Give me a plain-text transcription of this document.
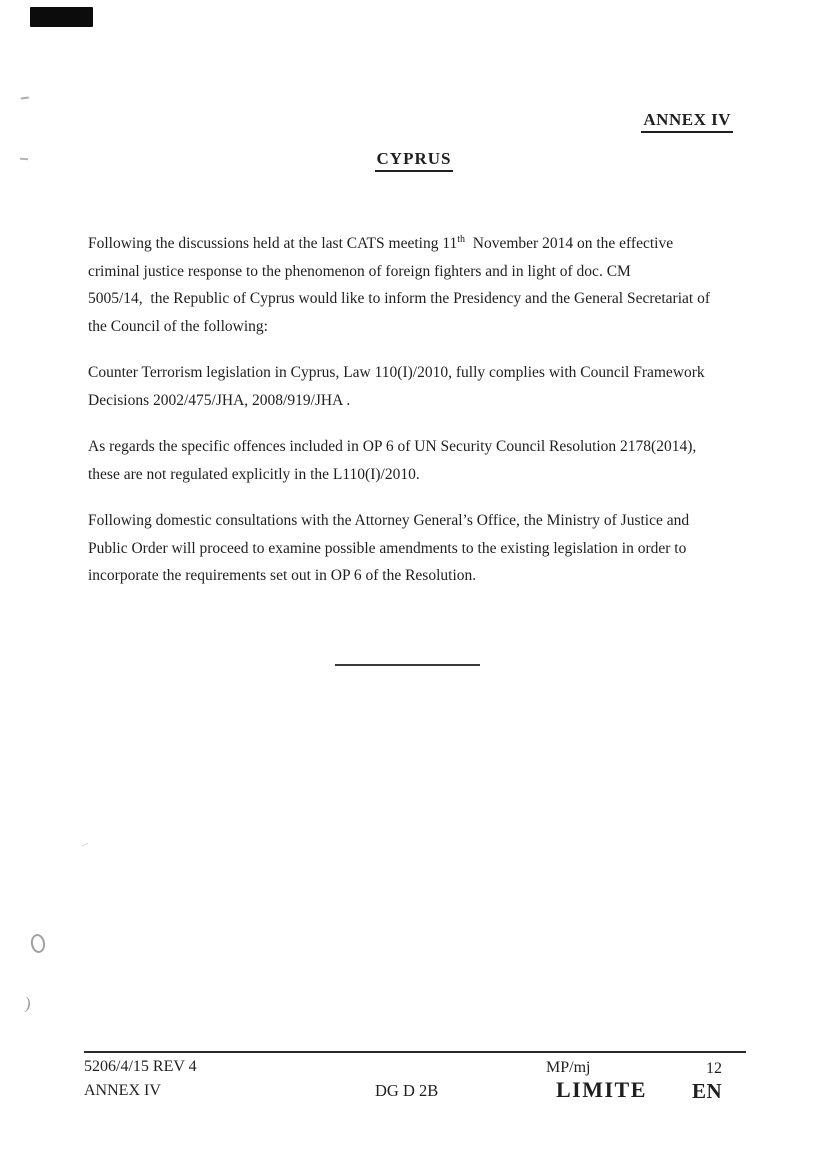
)
ANNEX IV
CYPRUS

Following the discussions held at the last CATS meeting 11th  November 2014 on the effective
criminal justice response to the phenomenon of foreign fighters and in light of doc. CM
5005/14,  the Republic of Cyprus would like to inform the Presidency and the General Secretariat of
the Council of the following:

Counter Terrorism legislation in Cyprus, Law 110(I)/2010, fully complies with Council Framework
Decisions 2002/475/JHA, 2008/919/JHA .

As regards the specific offences included in OP 6 of UN Security Council Resolution 2178(2014),
these are not regulated explicitly in the L110(I)/2010.

Following domestic consultations with the Attorney General’s Office, the Ministry of Justice and
Public Order will proceed to examine possible amendments to the existing legislation in order to
incorporate the requirements set out in OP 6 of the Resolution.

5206/4/15 REV 4
ANNEX IV	DG D 2B
MP/mj	12
LIMITE EN
